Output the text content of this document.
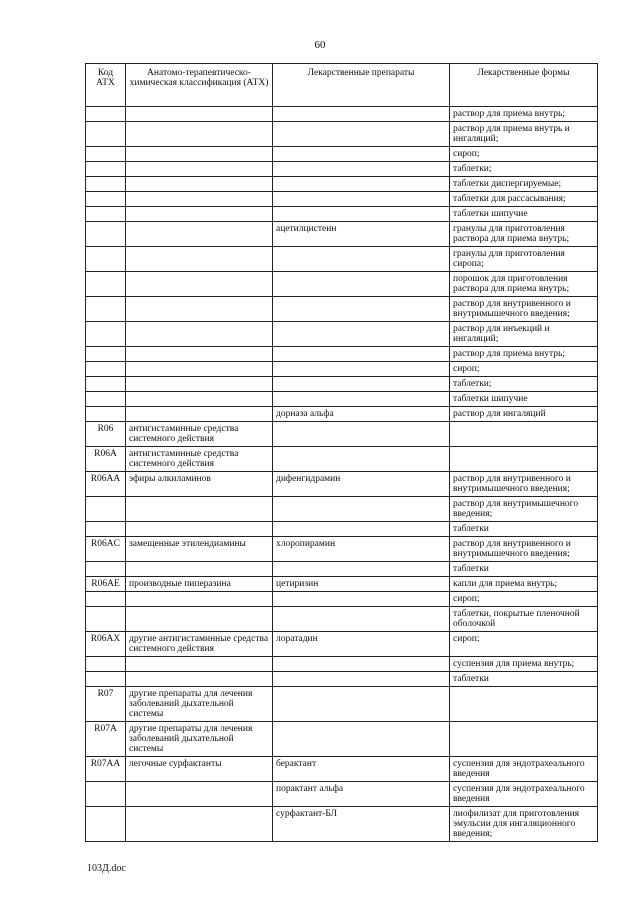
60
Код АТХ	Анатомо-терапевтическо-химическая классификация (АТХ)	Лекарственные препараты	Лекарственные формы
			раствор для приема внутрь;
			раствор для приема внутрь и ингаляций;
			сироп;
			таблетки;
			таблетки диспергируемые;
			таблетки для рассасывания;
			таблетки шипучие
		ацетилцистеин	гранулы для приготовления раствора для приема внутрь;
			гранулы для приготовления сиропа;
			порошок для приготовления раствора для приема внутрь;
			раствор для внутривенного и внутримышечного введения;
			раствор для инъекций и ингаляций;
			раствор для приема внутрь;
			сироп;
			таблетки;
			таблетки шипучие
		дорназа альфа	раствор для ингаляций
R06	антигистаминные средства системного действия		
R06A	антигистаминные средства системного действия		
R06AA	эфиры алкиламинов	дифенгидрамин	раствор для внутривенного и внутримышечного введения;
			раствор для внутримышечного введения;
			таблетки
R06AC	замещенные этилендиамины	хлоропирамин	раствор для внутривенного и внутримышечного введения;
			таблетки
R06AE	производные пиперазина	цетиризин	капли для приема внутрь;
			сироп;
			таблетки, покрытые пленочной оболочкой
R06AX	другие антигистаминные средства системного действия	лоратадин	сироп;
			суспензия для приема внутрь;
			таблетки
R07	другие препараты для лечения заболеваний дыхательной системы		
R07A	другие препараты для лечения заболеваний дыхательной системы		
R07AA	легочные сурфактанты	берактант	суспензия для эндотрахеального введения
		порактант альфа	суспензия для эндотрахеального введения
		сурфактант-БЛ	лиофилизат для приготовления эмульсии для ингаляционного введения;
103Д.doc
